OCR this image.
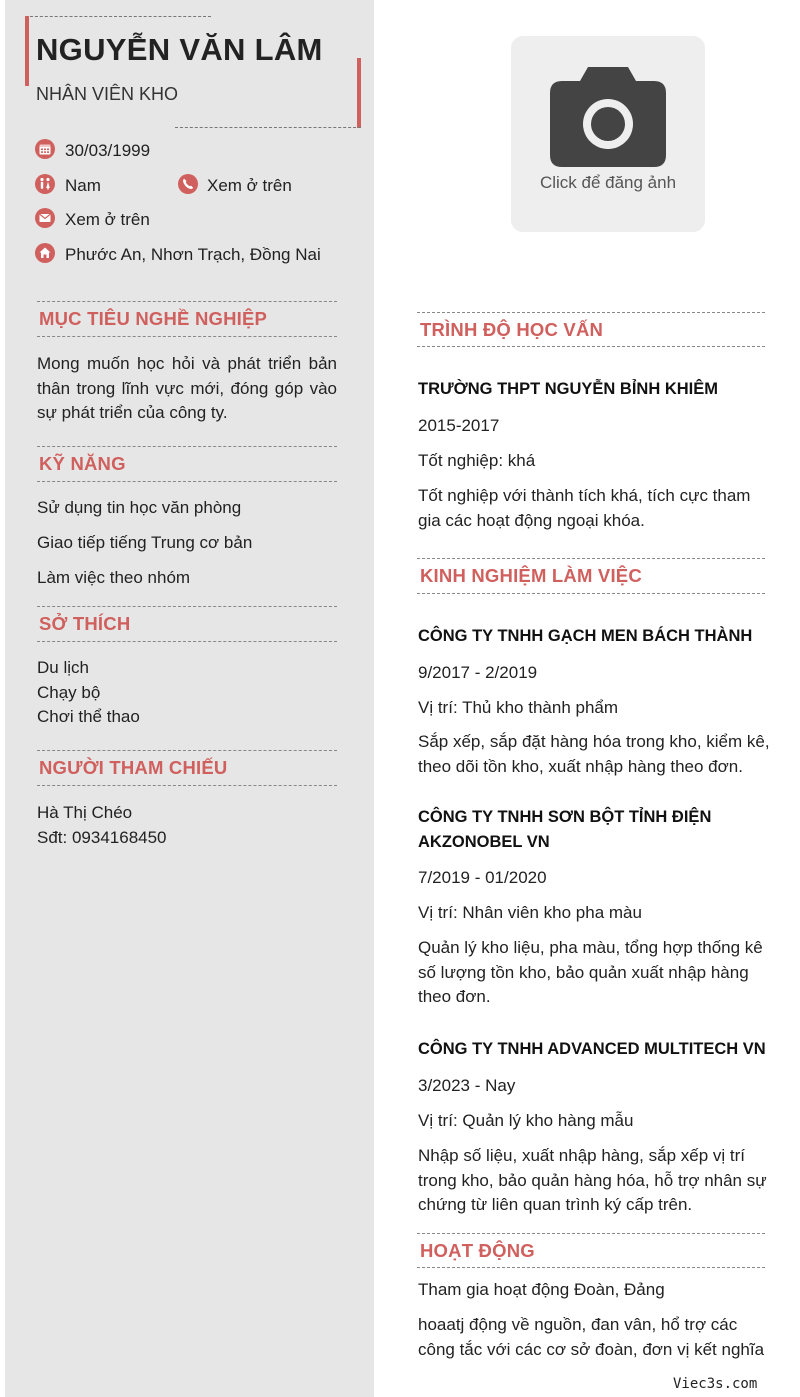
NGUYỄN VĂN LÂM
NHÂN VIÊN KHO
30/03/1999
Nam	Xem ở trên
Xem ở trên
Phước An, Nhơn Trạch, Đồng Nai
MỤC TIÊU NGHỀ NGHIỆP
Mong muốn học hỏi và phát triển bản
thân trong lĩnh vực mới, đóng góp vào
sự phát triển của công ty.
KỸ NĂNG
Sử dụng tin học văn phòng
Giao tiếp tiếng Trung cơ bản
Làm việc theo nhóm
SỞ THÍCH
Du lịch
Chạy bộ
Chơi thể thao
NGƯỜI THAM CHIẾU
Hà Thị Chéo
Sđt: 0934168450
Click để đăng ảnh
TRÌNH ĐỘ HỌC VẤN
TRƯỜNG THPT NGUYỄN BỈNH KHIÊM
2015-2017
Tốt nghiệp: khá
Tốt nghiệp với thành tích khá, tích cực tham
gia các hoạt động ngoại khóa.
KINH NGHIỆM LÀM VIỆC
CÔNG TY TNHH GẠCH MEN BÁCH THÀNH
9/2017 - 2/2019
Vị trí: Thủ kho thành phẩm
Sắp xếp, sắp đặt hàng hóa trong kho, kiểm kê,
theo dõi tồn kho, xuất nhập hàng theo đơn.
CÔNG TY TNHH SƠN BỘT TỈNH ĐIỆN
AKZONOBEL VN
7/2019 - 01/2020
Vị trí: Nhân viên kho pha màu
Quản lý kho liệu, pha màu, tổng hợp thống kê
số lượng tồn kho, bảo quản xuất nhập hàng
theo đơn.
CÔNG TY TNHH ADVANCED MULTITECH VN
3/2023 - Nay
Vị trí: Quản lý kho hàng mẫu
Nhập số liệu, xuất nhập hàng, sắp xếp vị trí
trong kho, bảo quản hàng hóa, hỗ trợ nhân sự
chứng từ liên quan trình ký cấp trên.
HOẠT ĐỘNG
Tham gia hoạt động Đoàn, Đảng
hoaatj động về nguồn, đan vân, hổ trợ các
công tắc với các cơ sở đoàn, đơn vị kết nghĩa
Viec3s.com
